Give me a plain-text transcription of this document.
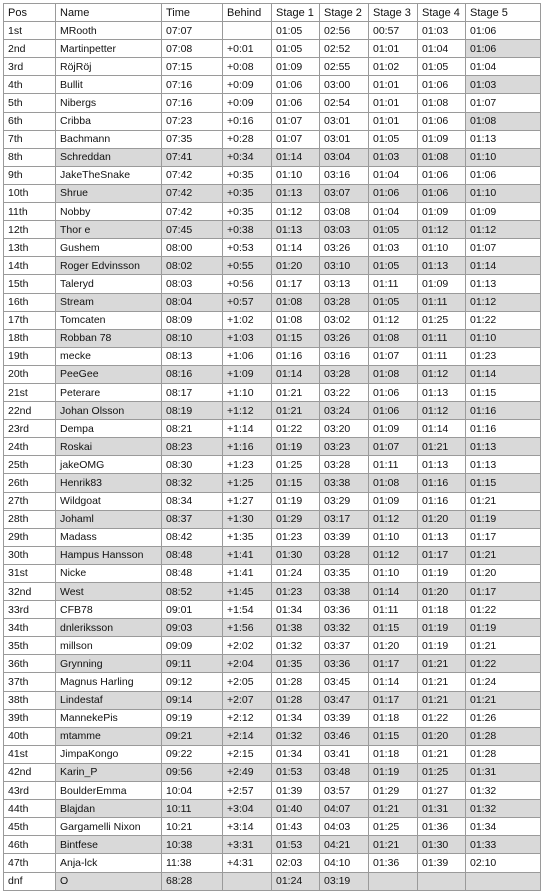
Pos	Name	Time	Behind	Stage 1	Stage 2	Stage 3	Stage 4	Stage 5
1st	MRooth	07:07		01:05	02:56	00:57	01:03	01:06
2nd	Martinpetter	07:08	+0:01	01:05	02:52	01:01	01:04	01:06
3rd	RöjRöj	07:15	+0:08	01:09	02:55	01:02	01:05	01:04
4th	Bullit	07:16	+0:09	01:06	03:00	01:01	01:06	01:03
5th	Nibergs	07:16	+0:09	01:06	02:54	01:01	01:08	01:07
6th	Cribba	07:23	+0:16	01:07	03:01	01:01	01:06	01:08
7th	Bachmann	07:35	+0:28	01:07	03:01	01:05	01:09	01:13
8th	Schreddan	07:41	+0:34	01:14	03:04	01:03	01:08	01:10
9th	JakeTheSnake	07:42	+0:35	01:10	03:16	01:04	01:06	01:06
10th	Shrue	07:42	+0:35	01:13	03:07	01:06	01:06	01:10
11th	Nobby	07:42	+0:35	01:12	03:08	01:04	01:09	01:09
12th	Thor e	07:45	+0:38	01:13	03:03	01:05	01:12	01:12
13th	Gushem	08:00	+0:53	01:14	03:26	01:03	01:10	01:07
14th	Roger Edvinsson	08:02	+0:55	01:20	03:10	01:05	01:13	01:14
15th	Taleryd	08:03	+0:56	01:17	03:13	01:11	01:09	01:13
16th	Stream	08:04	+0:57	01:08	03:28	01:05	01:11	01:12
17th	Tomcaten	08:09	+1:02	01:08	03:02	01:12	01:25	01:22
18th	Robban 78	08:10	+1:03	01:15	03:26	01:08	01:11	01:10
19th	mecke	08:13	+1:06	01:16	03:16	01:07	01:11	01:23
20th	PeeGee	08:16	+1:09	01:14	03:28	01:08	01:12	01:14
21st	Peterare	08:17	+1:10	01:21	03:22	01:06	01:13	01:15
22nd	Johan Olsson	08:19	+1:12	01:21	03:24	01:06	01:12	01:16
23rd	Dempa	08:21	+1:14	01:22	03:20	01:09	01:14	01:16
24th	Roskai	08:23	+1:16	01:19	03:23	01:07	01:21	01:13
25th	jakeOMG	08:30	+1:23	01:25	03:28	01:11	01:13	01:13
26th	Henrik83	08:32	+1:25	01:15	03:38	01:08	01:16	01:15
27th	Wildgoat	08:34	+1:27	01:19	03:29	01:09	01:16	01:21
28th	Johaml	08:37	+1:30	01:29	03:17	01:12	01:20	01:19
29th	Madass	08:42	+1:35	01:23	03:39	01:10	01:13	01:17
30th	Hampus Hansson	08:48	+1:41	01:30	03:28	01:12	01:17	01:21
31st	Nicke	08:48	+1:41	01:24	03:35	01:10	01:19	01:20
32nd	West	08:52	+1:45	01:23	03:38	01:14	01:20	01:17
33rd	CFB78	09:01	+1:54	01:34	03:36	01:11	01:18	01:22
34th	dnleriksson	09:03	+1:56	01:38	03:32	01:15	01:19	01:19
35th	millson	09:09	+2:02	01:32	03:37	01:20	01:19	01:21
36th	Grynning	09:11	+2:04	01:35	03:36	01:17	01:21	01:22
37th	Magnus Harling	09:12	+2:05	01:28	03:45	01:14	01:21	01:24
38th	Lindestaf	09:14	+2:07	01:28	03:47	01:17	01:21	01:21
39th	MannekePis	09:19	+2:12	01:34	03:39	01:18	01:22	01:26
40th	mtamme	09:21	+2:14	01:32	03:46	01:15	01:20	01:28
41st	JimpaKongo	09:22	+2:15	01:34	03:41	01:18	01:21	01:28
42nd	Karin_P	09:56	+2:49	01:53	03:48	01:19	01:25	01:31
43rd	BoulderEmma	10:04	+2:57	01:39	03:57	01:29	01:27	01:32
44th	Blajdan	10:11	+3:04	01:40	04:07	01:21	01:31	01:32
45th	Gargamelli Nixon	10:21	+3:14	01:43	04:03	01:25	01:36	01:34
46th	Bintfese	10:38	+3:31	01:53	04:21	01:21	01:30	01:33
47th	Anja-lck	11:38	+4:31	02:03	04:10	01:36	01:39	02:10
dnf	O	68:28		01:24	03:19			
